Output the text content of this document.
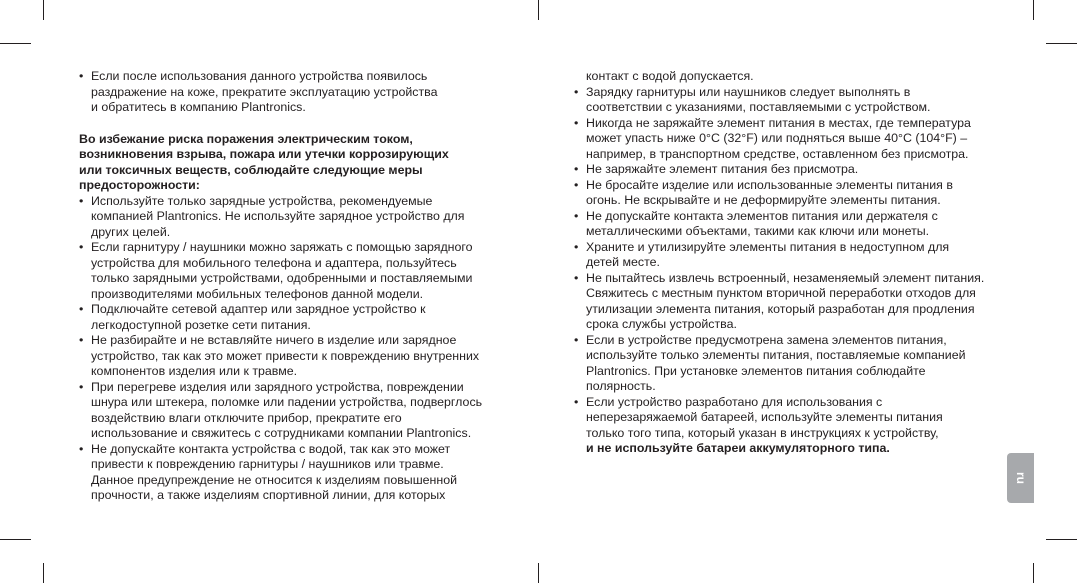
• Если после использования данного устройства появилось
раздражение на коже, прекратите эксплуатацию устройства
и обратитесь в компанию Plantronics.
Во избежание риска поражения электрическим током,
возникновения взрыва, пожара или утечки коррозирующих
или токсичных веществ, соблюдайте следующие меры
предосторожности:
• Используйте только зарядные устройства, рекомендуемые
компанией Plantronics. Не используйте зарядное устройство для
других целей.
• Если гарнитуру / наушники можно заряжать с помощью зарядного
устройства для мобильного телефона и адаптера, пользуйтесь
только зарядными устройствами, одобренными и поставляемыми
производителями мобильных телефонов данной модели.
• Подключайте сетевой адаптер или зарядное устройство к
легкодоступной розетке сети питания.
• Не разбирайте и не вставляйте ничего в изделие или зарядное
устройство, так как это может привести к повреждению внутренних
компонентов изделия или к травме.
• При перегреве изделия или зарядного устройства, повреждении
шнура или штекера, поломке или падении устройства, подверглось
воздействию влаги отключите прибор, прекратите его
использование и свяжитесь с сотрудниками компании Plantronics.
• Не допускайте контакта устройства с водой, так как это может
привести к повреждению гарнитуры / наушников или травме.
Данное предупреждение не относится к изделиям повышенной
прочности, а также изделиям спортивной линии, для которых
контакт с водой допускается.
• Зарядку гарнитуры или наушников следует выполнять в
соответствии с указаниями, поставляемыми с устройством.
• Никогда не заряжайте элемент питания в местах, где температура
может упасть ниже 0°C (32°F) или подняться выше 40°C (104°F) –
например, в транспортном средстве, оставленном без присмотра.
• Не заряжайте элемент питания без присмотра.
• Не бросайте изделие или использованные элементы питания в
огонь. Не вскрывайте и не деформируйте элементы питания.
• Не допускайте контакта элементов питания или держателя с
металлическими объектами, такими как ключи или монеты.
• Храните и утилизируйте элементы питания в недоступном для
детей месте.
• Не пытайтесь извлечь встроенный, незаменяемый элемент питания.
Свяжитесь с местным пунктом вторичной переработки отходов для
утилизации элемента питания, который разработан для продления
срока службы устройства.
• Если в устройстве предусмотрена замена элементов питания,
используйте только элементы питания, поставляемые компанией
Plantronics. При установке элементов питания соблюдайте
полярность.
• Если устройство разработано для использования с
неперезаряжаемой батареей, используйте элементы питания
только того типа, который указан в инструкциях к устройству,
и не используйте батареи аккумуляторного типа.
ru
